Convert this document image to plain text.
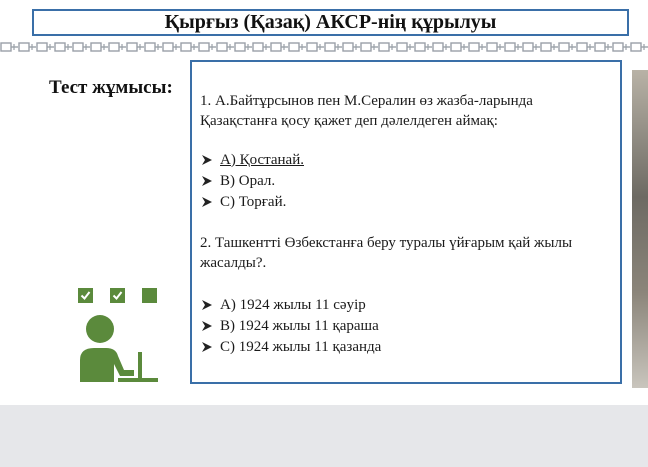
Қырғыз (Қазақ) АКСР-нің құрылуы
Тест жұмысы:
1. А.Байтұрсынов пен М.Сералин өз жазба-ларында Қазақстанға қосу қажет деп дәлелдеген аймақ:
А) Қостанай.
В) Орал.
С) Торғай.
2. Ташкентті Өзбекстанға беру туралы үйғарым қай жылы жасалды?.
А) 1924 жылы 11 сәуір
В) 1924 жылы 11 қараша
С) 1924 жылы 11 қазанда
